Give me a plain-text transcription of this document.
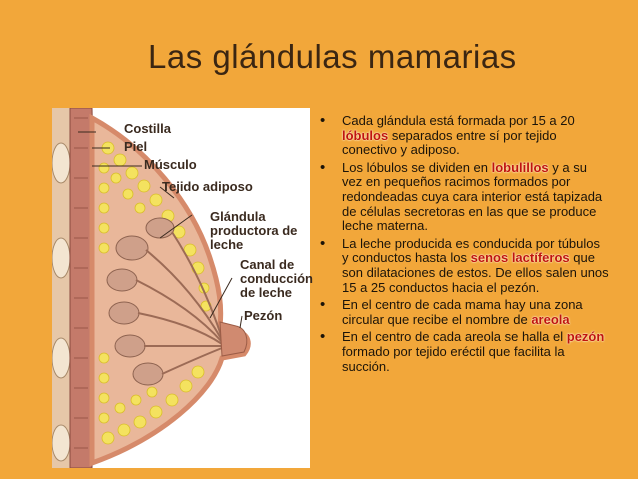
Las glándulas mamarias
Costilla
Piel
Músculo
Tejido adiposo
Glándula productora de leche
Canal de conducción de leche
Pezón
• Cada glándula está formada por 15 a 20 lóbulos separados entre sí por tejido conectivo y adiposo.
• Los lóbulos se dividen en lobulillos y a su vez en pequeños racimos formados por redondeadas cuya cara interior está tapizada de células secretoras en las que se produce leche materna.
• La leche producida es conducida por túbulos y conductos hasta los senos lactíferos que son dilataciones de estos. De ellos salen unos 15 a 25 conductos hacia el pezón.
• En el centro de cada mama hay una zona circular que recibe el nombre de areola
• En el centro de cada areola se halla el pezón formado por tejido eréctil que facilita la succión.
